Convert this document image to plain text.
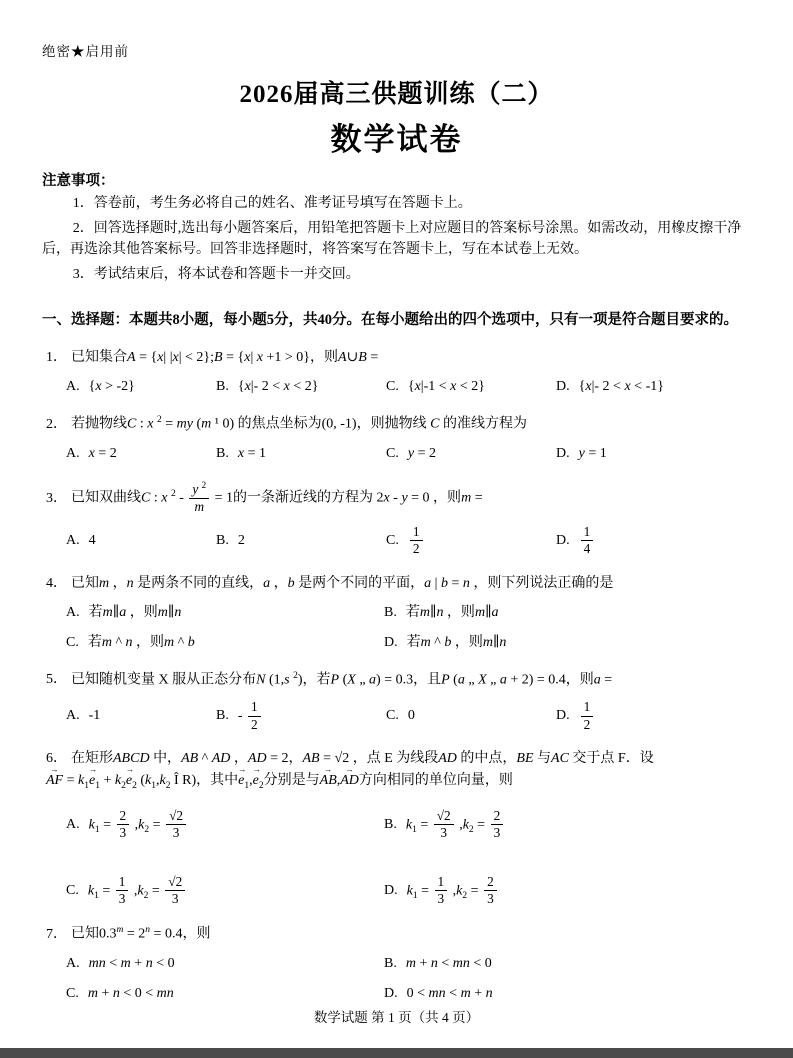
绝密★启用前
2026届高三供题训练（二）
数学试卷
注意事项：

1．答卷前，考生务必将自己的姓名、准考证号填写在答题卡上。

2．回答选择题时,选出每小题答案后，用铅笔把答题卡上对应题目的答案标号涂黑。如需改动，用橡皮擦干净后，再选涂其他答案标号。回答非选择题时，将答案写在答题卡上，写在本试卷上无效。

3．考试结束后，将本试卷和答题卡一并交回。

一、选择题：本题共8小题，每小题5分，共40分。在每小题给出的四个选项中，只有一项是符合题目要求的。
1． 已知集合A = {x| |x| < 2};B = {x| x +1 > 0}，则A∪B =
A. {x > -2}	B. {x|- 2 < x < 2}	C. {x|-1 < x < 2}	D. {x|- 2 < x < -1}
2． 若抛物线C : x $^2$ = my (m ¹ 0) 的焦点坐标为(0, -1)，则抛物线 C 的准线方程为
A. x = 2	B. x = 1	C. y = 2	D. y = 1
3． 已知双曲线C : x $^2 - \frac{y ^2}{m} = 1$的一条渐近线的方程为 2x - y = 0 ，则m =
A. 4	B. 2	C. $\frac{1}{2}$	D. $\frac{1}{4}$
4． 已知m ，n 是两条不同的直线，a ，b 是两个不同的平面，a | b = n ，则下列说法正确的是
A. 若m∥a ，则m∥n	B. 若m∥n ，则m∥a
C. 若m ^ n ，则m ^ b	D. 若m ^ b ，则m∥n
5． 已知随机变量 X 服从正态分布N (1,s $^2$)，若P (X „ a) = 0.3，且P (a „ X „ a + 2) = 0.4，则a =
A. -1	B. - $\frac{1}{2}$	C. 0	D. $\frac{1}{2}$
6． 在矩形ABCD 中，AB ^ AD ，AD = 2，AB = √2 ，点 E 为线段AD 的中点，BE 与AC 交于点 F．设
→ AF = $k_1\to e_1 + k_2\to e_2$ ($k_1,k_2$ Î R)，其中→ $e_1,\to e_2$分别是与→ AB,→ AD方向相同的单位向量，则
A. $k_1 = \frac{2}{3} ,k_2 = \frac{√2}{3}$	B. $k_1 = \frac{√2}{3} ,k_2 = \frac{2}{3}$
C. $k_1 = \frac{1}{3} ,k_2 = \frac{√2}{3}$	D. $k_1 = \frac{1}{3} ,k_2 = \frac{2}{3}$
7． 已知$0.3^m = 2^n = 0.4$，则
A. mn < m + n < 0	B. m + n < mn < 0
C. m + n < 0 < mn	D. 0 < mn < m + n
数学试题 第 1 页（共 4 页）
